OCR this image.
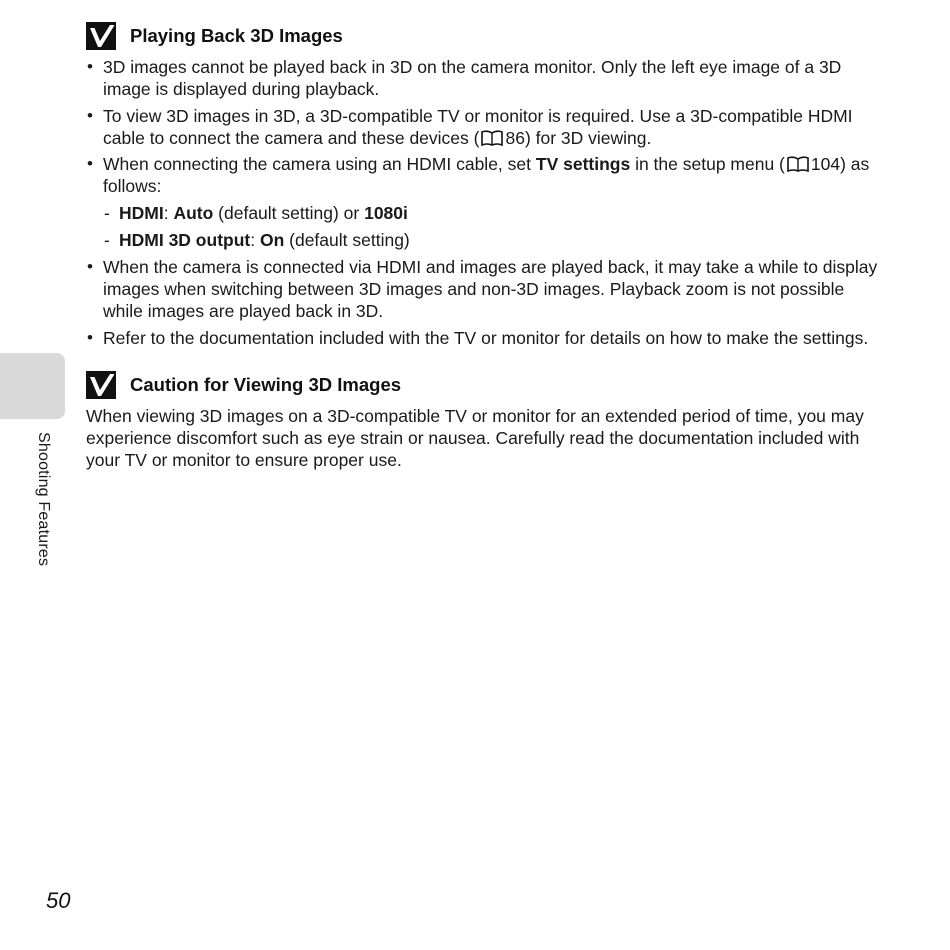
Shooting Features
Playing Back 3D Images
• 3D images cannot be played back in 3D on the camera monitor. Only the left eye image of a 3D image is displayed during playback.
• To view 3D images in 3D, a 3D-compatible TV or monitor is required. Use a 3D-compatible HDMI cable to connect the camera and these devices ( 86) for 3D viewing.
• When connecting the camera using an HDMI cable, set TV settings in the setup menu ( 104) as follows:
- HDMI: Auto (default setting) or 1080i
- HDMI 3D output: On (default setting)
• When the camera is connected via HDMI and images are played back, it may take a while to display images when switching between 3D images and non-3D images. Playback zoom is not possible while images are played back in 3D.
• Refer to the documentation included with the TV or monitor for details on how to make the settings.
Caution for Viewing 3D Images

When viewing 3D images on a 3D-compatible TV or monitor for an extended period of time, you may experience discomfort such as eye strain or nausea. Carefully read the documentation included with your TV or monitor to ensure proper use.

50
